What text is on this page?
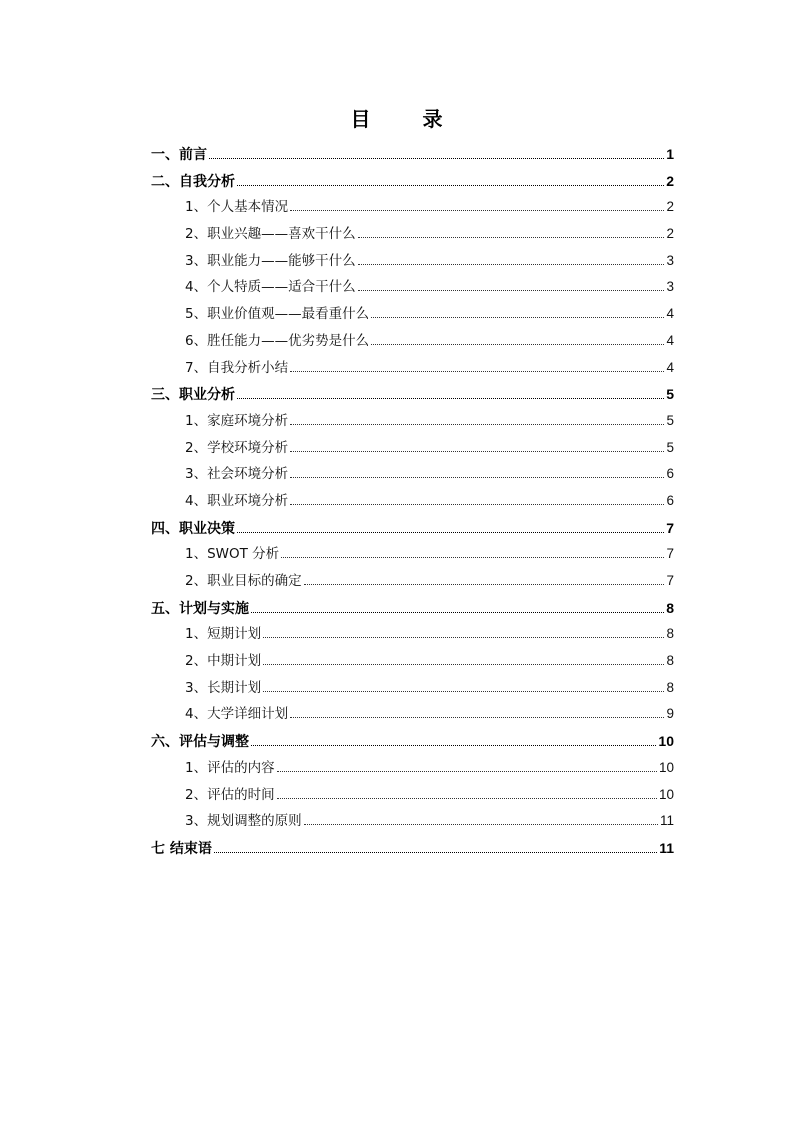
目　录
一、前言	1
二、自我分析	2
1、个人基本情况	2
2、职业兴趣——喜欢干什么	2
3、职业能力——能够干什么	3
4、个人特质——适合干什么	3
5、职业价值观——最看重什么	4
6、胜任能力——优劣势是什么	4
7、自我分析小结	4
三、职业分析	5
1、家庭环境分析	5
2、学校环境分析	5
3、社会环境分析	6
4、职业环境分析	6
四、职业决策	7
1、SWOT 分析	7
2、职业目标的确定	7
五、计划与实施	8
1、短期计划	8
2、中期计划	8
3、长期计划	8
4、大学详细计划	9
六、评估与调整	10
1、评估的内容	10
2、评估的时间	10
3、规划调整的原则	11
七 结束语	11
